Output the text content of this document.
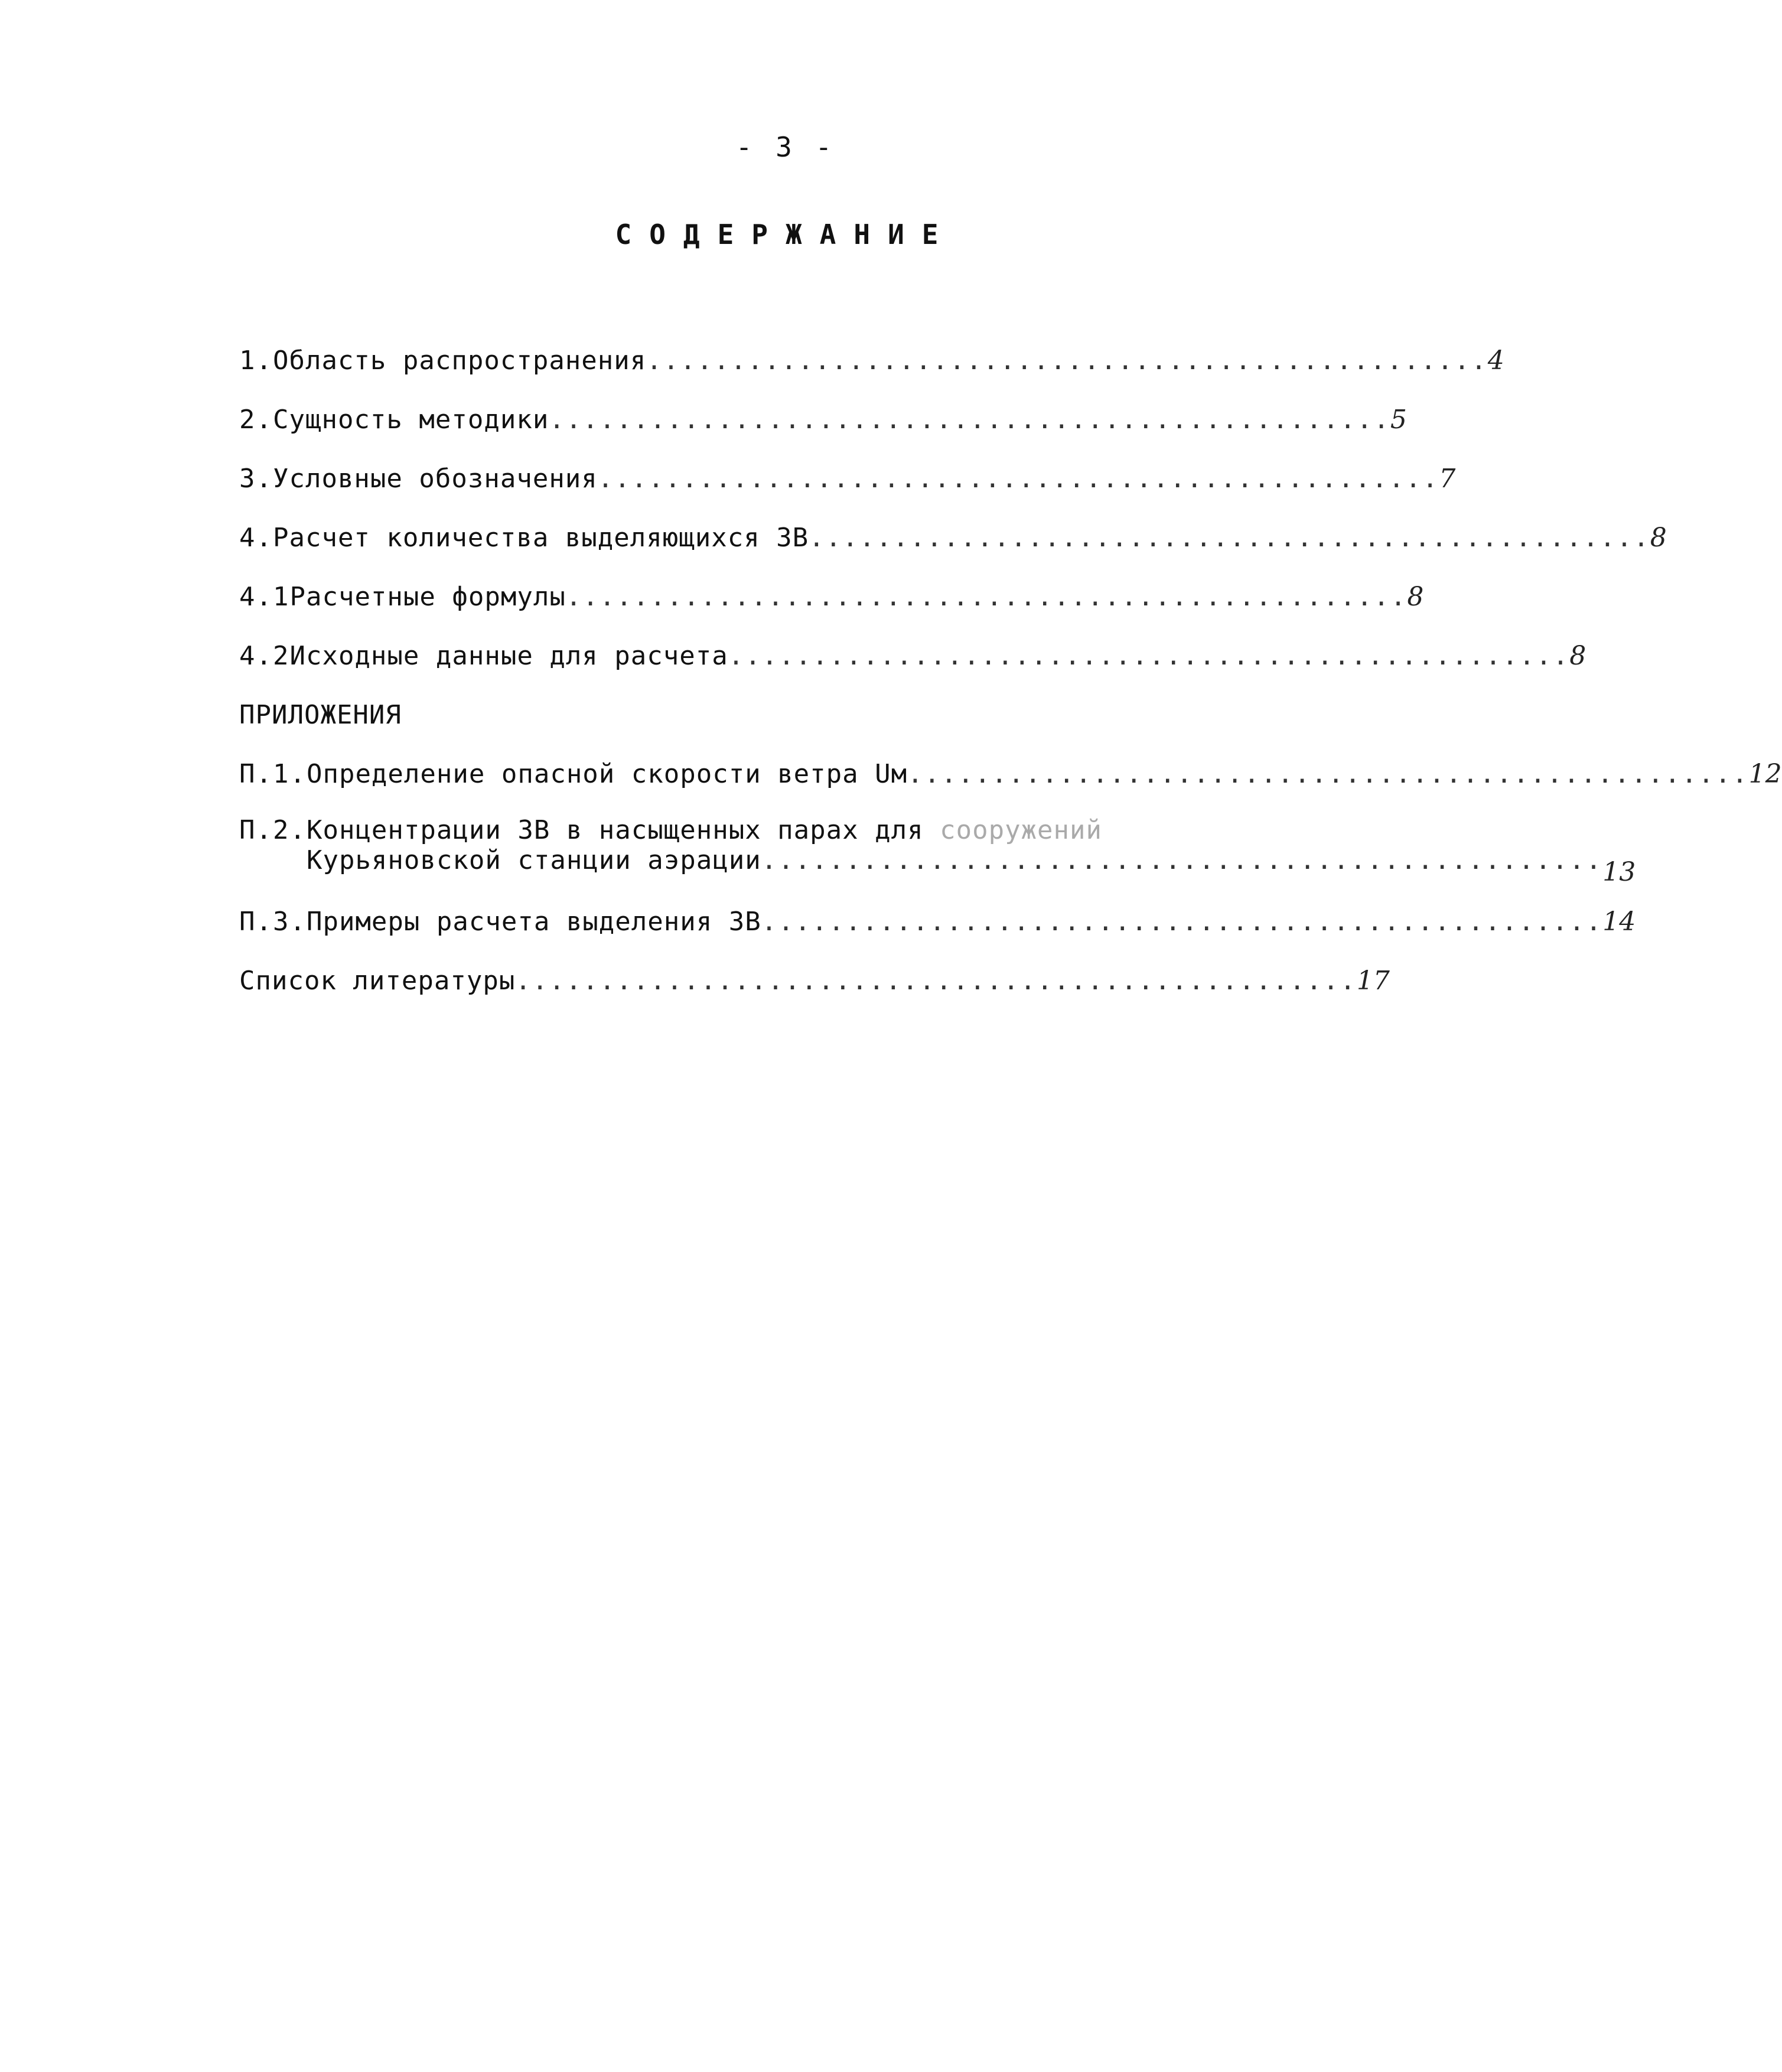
- 3 -
СОДЕРЖАНИЕ
1. Область распространения .................................................. 4
2. Сущность методики .................................................. 5
3. Условные обозначения .................................................. 7
4. Расчет количества выделяющихся ЗВ .................................................. 8
4.1 Расчетные формулы .................................................. 8
4.2 Исходные данные для расчета .................................................. 8
ПРИЛОЖЕНИЯ
П.1. Определение опасной скорости ветра Uм .................................................. 12
П.2. Концентрации ЗВ в насыщенных парах для сооружений
Курьяновской станции аэрации .................................................. 13
П.3. Примеры расчета выделения ЗВ .................................................. 14
Список литературы .................................................. 17
